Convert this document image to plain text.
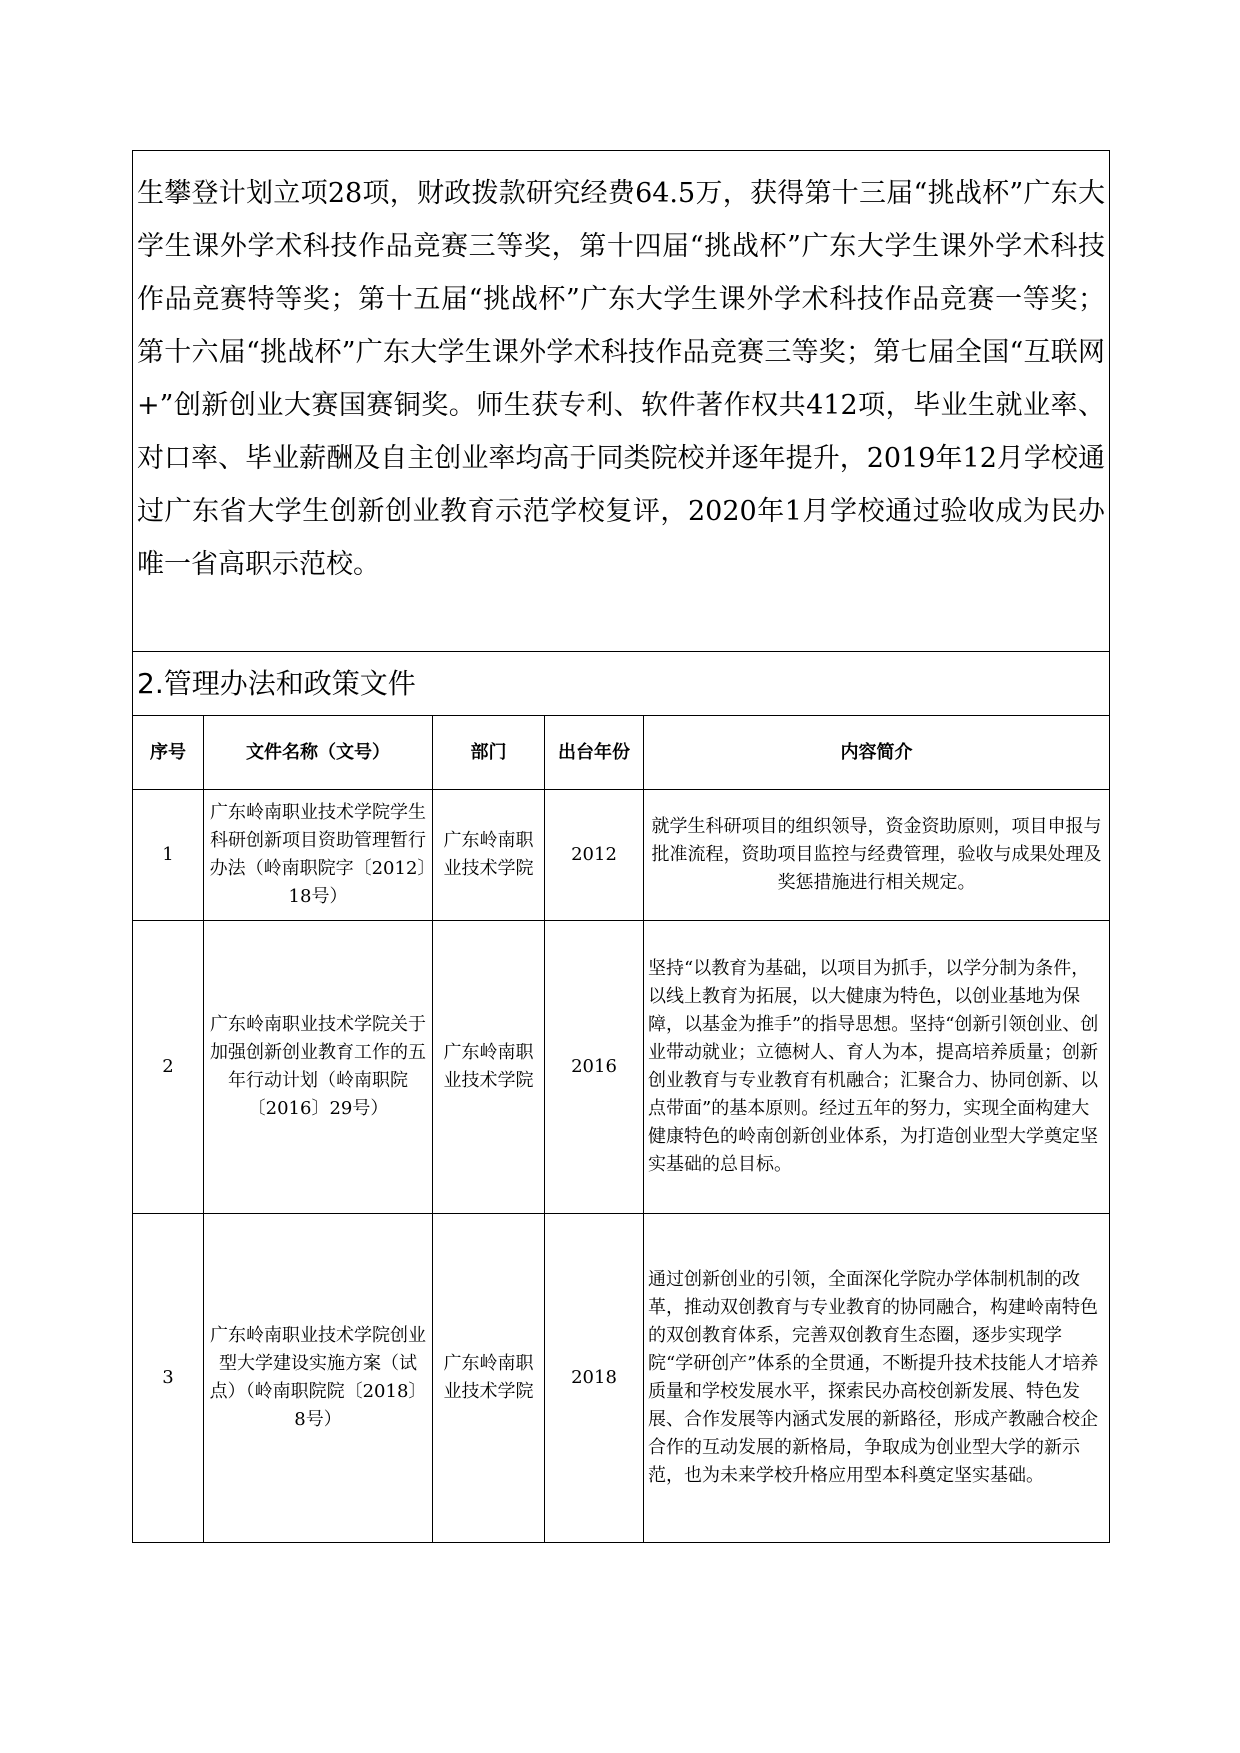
生攀登计划立项28项，财政拨款研究经费64.5万，获得第十三届“挑战杯”广东大学生课外学术科技作品竞赛三等奖，第十四届“挑战杯”广东大学生课外学术科技作品竞赛特等奖；第十五届“挑战杯”广东大学生课外学术科技作品竞赛一等奖；第十六届“挑战杯”广东大学生课外学术科技作品竞赛三等奖；第七届全国“互联网+”创新创业大赛国赛铜奖。师生获专利、软件著作权共412项，毕业生就业率、对口率、毕业薪酬及自主创业率均高于同类院校并逐年提升，2019年12月学校通过广东省大学生创新创业教育示范学校复评，2020年1月学校通过验收成为民办唯一省高职示范校。
2.管理办法和政策文件
序号	文件名称（文号）	部门	出台年份	内容简介
1	广东岭南职业技术学院学生科研创新项目资助管理暂行办法（岭南职院字〔2012〕18号）	广东岭南职业技术学院	2012	就学生科研项目的组织领导，资金资助原则，项目申报与批准流程，资助项目监控与经费管理，验收与成果处理及奖惩措施进行相关规定。
2	广东岭南职业技术学院关于加强创新创业教育工作的五年行动计划（岭南职院〔2016〕29号）	广东岭南职业技术学院	2016	坚持“以教育为基础，以项目为抓手，以学分制为条件，以线上教育为拓展，以大健康为特色，以创业基地为保障，以基金为推手”的指导思想。坚持“创新引领创业、创业带动就业；立德树人、育人为本，提高培养质量；创新创业教育与专业教育有机融合；汇聚合力、协同创新、以点带面”的基本原则。经过五年的努力，实现全面构建大健康特色的岭南创新创业体系，为打造创业型大学奠定坚实基础的总目标。
3	广东岭南职业技术学院创业型大学建设实施方案（试点）（岭南职院院〔2018〕8号）	广东岭南职业技术学院	2018	通过创新创业的引领，全面深化学院办学体制机制的改革，推动双创教育与专业教育的协同融合，构建岭南特色的双创教育体系，完善双创教育生态圈，逐步实现学院“学研创产”体系的全贯通，不断提升技术技能人才培养质量和学校发展水平，探索民办高校创新发展、特色发展、合作发展等内涵式发展的新路径，形成产教融合校企合作的互动发展的新格局，争取成为创业型大学的新示范，也为未来学校升格应用型本科奠定坚实基础。
